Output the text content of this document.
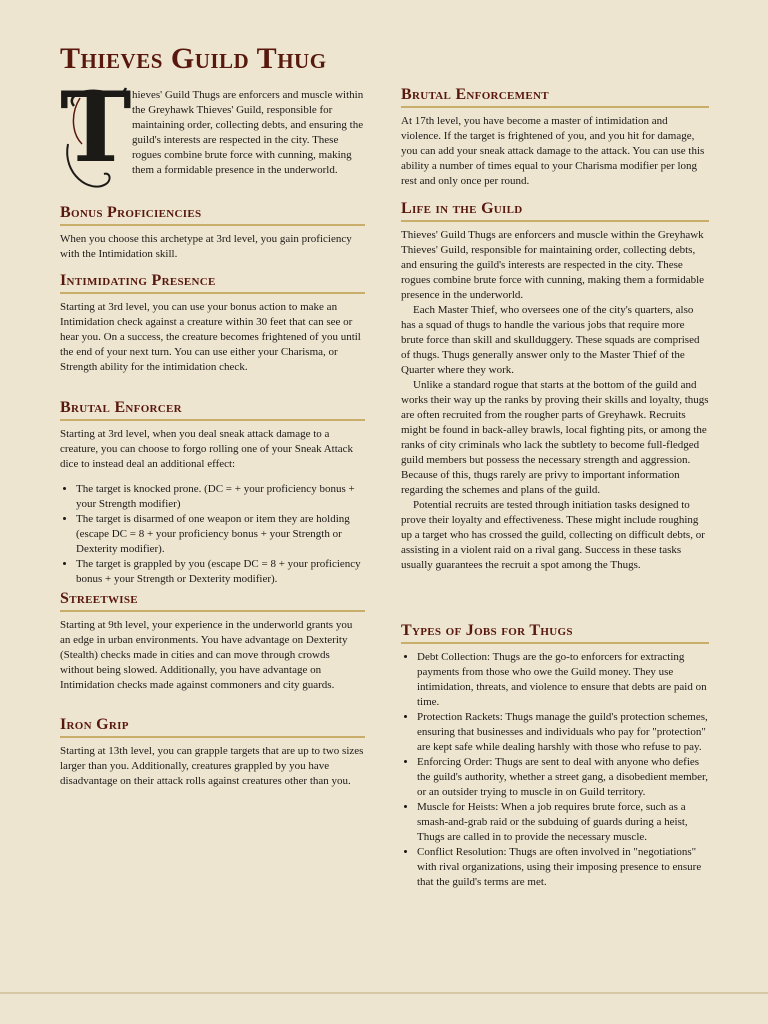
Thieves Guild Thug
T hieves' Guild Thugs are enforcers and muscle within the Greyhawk Thieves' Guild, responsible for maintaining order, collecting debts, and ensuring the guild's interests are respected in the city. These rogues combine brute force with cunning, making them a formidable presence in the underworld.

Bonus Proficiencies

When you choose this archetype at 3rd level, you gain proficiency with the Intimidation skill.

Intimidating Presence

Starting at 3rd level, you can use your bonus action to make an Intimidation check against a creature within 30 feet that can see or hear you. On a success, the creature becomes frightened of you until the end of your next turn. You can use either your Charisma, or Strength ability for the intimidation check.

Brutal Enforcer

Starting at 3rd level, when you deal sneak attack damage to a creature, you can choose to forgo rolling one of your Sneak Attack dice to instead deal an additional effect:

• The target is knocked prone. (DC = + your proficiency bonus + your Strength modifier)
• The target is disarmed of one weapon or item they are holding (escape DC = 8 + your proficiency bonus + your Strength or Dexterity modifier).
• The target is grappled by you (escape DC = 8 + your proficiency bonus + your Strength or Dexterity modifier).
Streetwise

Starting at 9th level, your experience in the underworld grants you an edge in urban environments. You have advantage on Dexterity (Stealth) checks made in cities and can move through crowds without being slowed. Additionally, you have advantage on Intimidation checks made against commoners and city guards.

Iron Grip

Starting at 13th level, you can grapple targets that are up to two sizes larger than you. Additionally, creatures grappled by you have disadvantage on their attack rolls against creatures other than you.

Brutal Enforcement

At 17th level, you have become a master of intimidation and violence. If the target is frightened of you, and you hit for damage, you can add your sneak attack damage to the attack. You can use this ability a number of times equal to your Charisma modifier per long rest and only once per round.

Life in the Guild

Thieves' Guild Thugs are enforcers and muscle within the Greyhawk Thieves' Guild, responsible for maintaining order, collecting debts, and ensuring the guild's interests are respected in the city. These rogues combine brute force with cunning, making them a formidable presence in the underworld.

Each Master Thief, who oversees one of the city's quarters, also has a squad of thugs to handle the various jobs that require more brute force than skill and skullduggery. These squads are comprised of thugs. Thugs generally answer only to the Master Thief of the Quarter where they work.

Unlike a standard rogue that starts at the bottom of the guild and works their way up the ranks by proving their skills and loyalty, thugs are often recruited from the rougher parts of Greyhawk. Recruits might be found in back-alley brawls, local fighting pits, or among the ranks of city criminals who lack the subtlety to become full-fledged guild members but possess the necessary strength and aggression. Because of this, thugs rarely are privy to important information regarding the schemes and plans of the guild.

Potential recruits are tested through initiation tasks designed to prove their loyalty and effectiveness. These might include roughing up a target who has crossed the guild, collecting on difficult debts, or assisting in a violent raid on a rival gang. Success in these tasks usually guarantees the recruit a spot among the Thugs.

Types of Jobs for Thugs
• Debt Collection: Thugs are the go-to enforcers for extracting payments from those who owe the Guild money. They use intimidation, threats, and violence to ensure that debts are paid on time.
• Protection Rackets: Thugs manage the guild's protection schemes, ensuring that businesses and individuals who pay for "protection" are kept safe while dealing harshly with those who refuse to pay.
• Enforcing Order: Thugs are sent to deal with anyone who defies the guild's authority, whether a street gang, a disobedient member, or an outsider trying to muscle in on Guild territory.
• Muscle for Heists: When a job requires brute force, such as a smash-and-grab raid or the subduing of guards during a heist, Thugs are called in to provide the necessary muscle.
• Conflict Resolution: Thugs are often involved in "negotiations" with rival organizations, using their imposing presence to ensure that the guild's terms are met.
